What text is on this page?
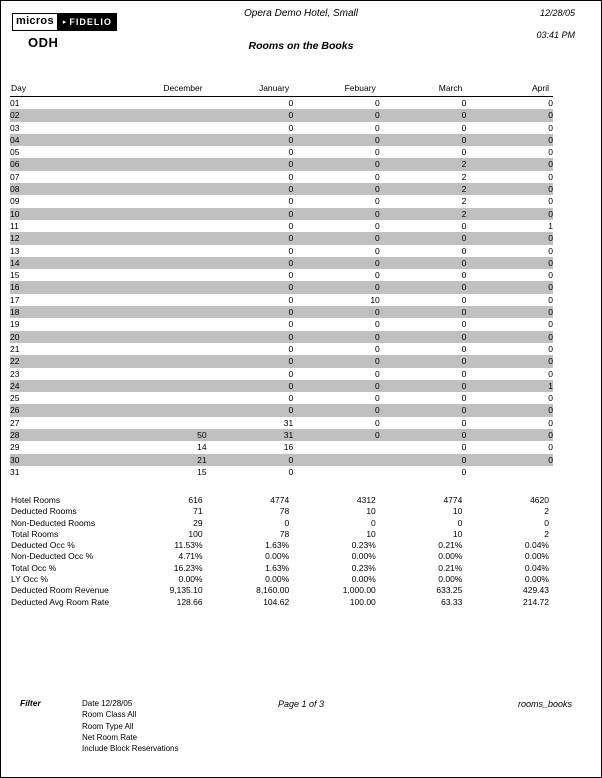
micros	▸ FIDELIO
ODH
Opera Demo Hotel, Small
Rooms on the Books
12/28/05
03:41 PM
Day	December	January	Febuary	March	April
01		0	0	0	0
02		0	0	0	0
03		0	0	0	0
04		0	0	0	0
05		0	0	0	0
06		0	0	2	0
07		0	0	2	0
08		0	0	2	0
09		0	0	2	0
10		0	0	2	0
11		0	0	0	1
12		0	0	0	0
13		0	0	0	0
14		0	0	0	0
15		0	0	0	0
16		0	0	0	0
17		0	10	0	0
18		0	0	0	0
19		0	0	0	0
20		0	0	0	0
21		0	0	0	0
22		0	0	0	0
23		0	0	0	0
24		0	0	0	1
25		0	0	0	0
26		0	0	0	0
27		31	0	0	0
28	50	31	0	0	0
29	14	16		0	0
30	21	0		0	0
31	15	0		0	
Hotel Rooms	616	4774	4312	4774	4620
Deducted Rooms	71	78	10	10	2
Non-Deducted Rooms	29	0	0	0	0
Total Rooms	100	78	10	10	2
Deducted Occ %	11.53%	1.63%	0.23%	0.21%	0.04%
Non-Deducted Occ %	4.71%	0.00%	0.00%	0.00%	0.00%
Total Occ %	16.23%	1.63%	0.23%	0.21%	0.04%
LY Occ %	0.00%	0.00%	0.00%	0.00%	0.00%
Deducted Room Revenue	9,135.10	8,160.00	1,000.00	633.25	429.43
Deducted Avg Room Rate	128.66	104.62	100.00	63.33	214.72
Filter	Date 12/28/05
Room Class All
Room Type All
Net Room Rate
Include Block Reservations
Page 1 of 3	rooms_books
